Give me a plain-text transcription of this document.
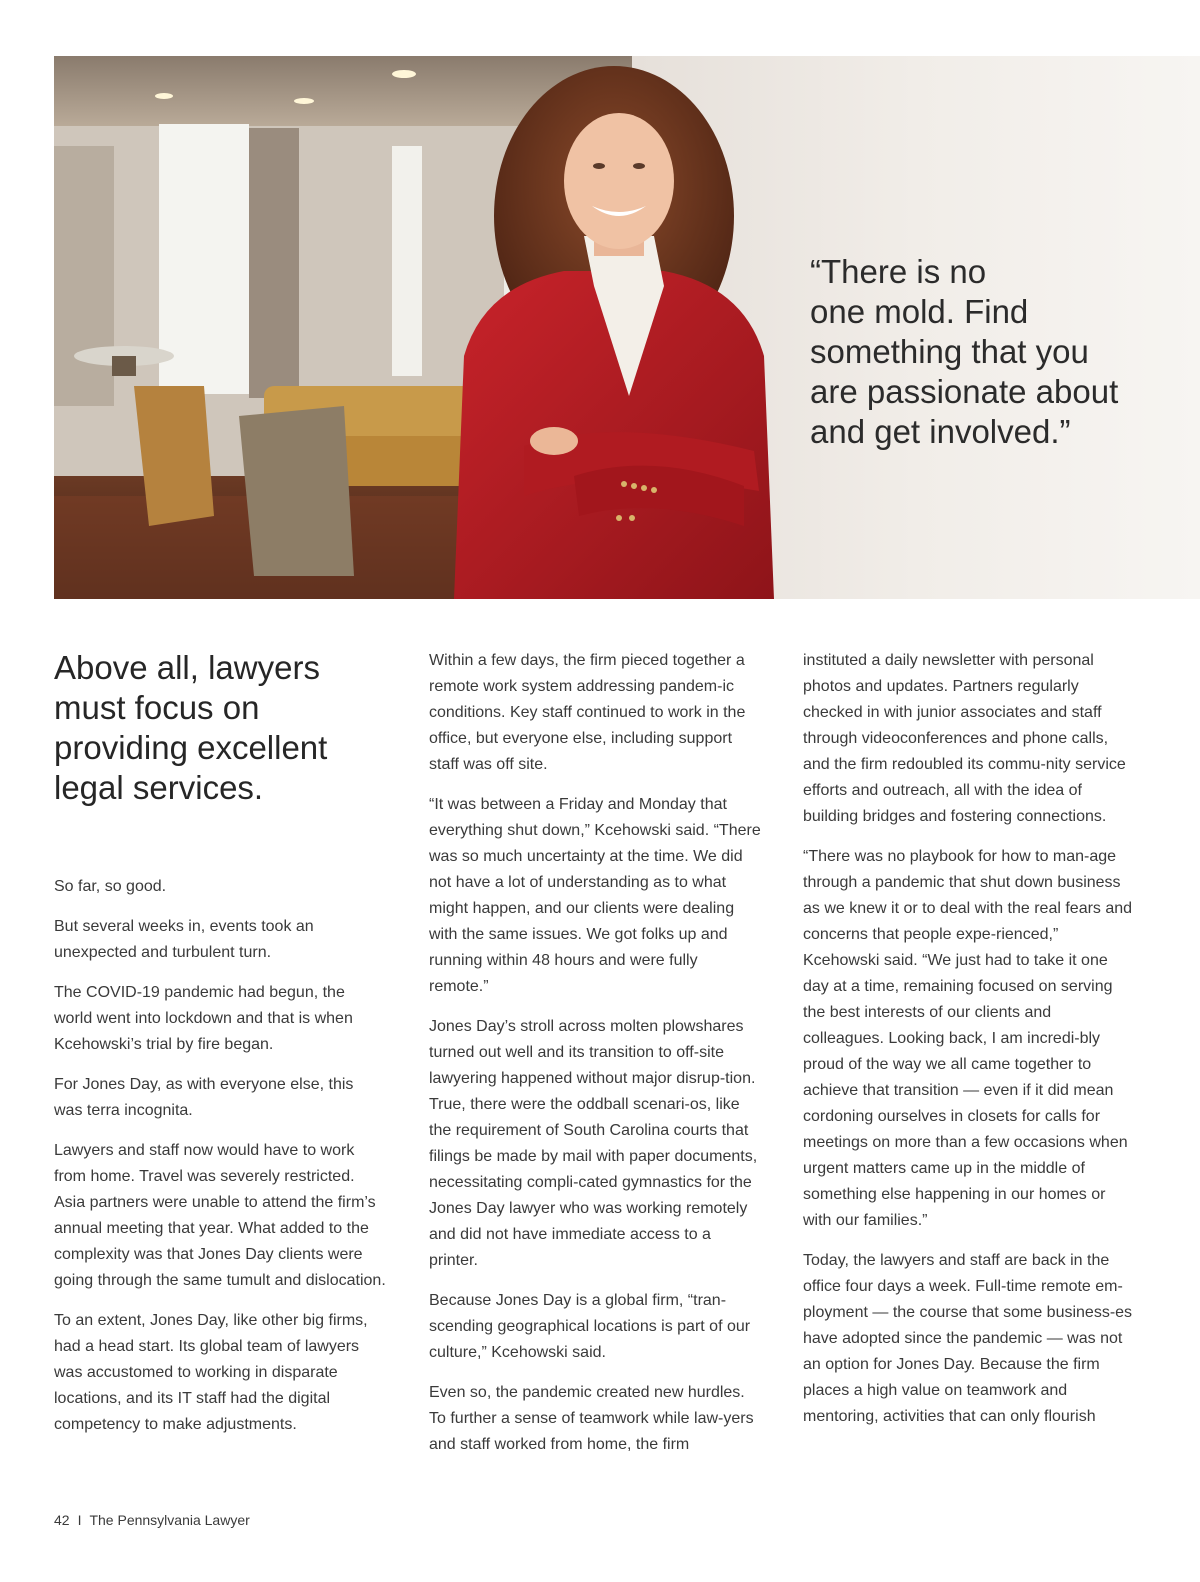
“There is no
one mold. Find
something that you
are passionate about
and get involved.”

Above all, lawyers
must focus on
providing excellent
legal services.

So far, so good.

But several weeks in, events took an unexpected and turbulent turn.

The COVID-19 pandemic had begun, the world went into lockdown and that is when Kcehowski’s trial by fire began.

For Jones Day, as with everyone else, this was terra incognita.

Lawyers and staff now would have to work from home. Travel was severely restricted. Asia partners were unable to attend the firm’s annual meeting that year. What added to the complexity was that Jones Day clients were going through the same tumult and dislocation.

To an extent, Jones Day, like other big firms, had a head start. Its global team of lawyers was accustomed to working in disparate locations, and its IT staff had the digital competency to make adjustments.

Within a few days, the firm pieced together a remote work system addressing pandem-ic conditions. Key staff continued to work in the office, but everyone else, including support staff was off site.

“It was between a Friday and Monday that everything shut down,” Kcehowski said. “There was so much uncertainty at the time. We did not have a lot of understanding as to what might happen, and our clients were dealing with the same issues. We got folks up and running within 48 hours and were fully remote.”

Jones Day’s stroll across molten plowshares turned out well and its transition to off-site lawyering happened without major disrup-tion. True, there were the oddball scenari-os, like the requirement of South Carolina courts that filings be made by mail with paper documents, necessitating compli-cated gymnastics for the Jones Day lawyer who was working remotely and did not have immediate access to a printer.

Because Jones Day is a global firm, “tran-scending geographical locations is part of our culture,” Kcehowski said.

Even so, the pandemic created new hurdles. To further a sense of teamwork while law-yers and staff worked from home, the firm

instituted a daily newsletter with personal photos and updates. Partners regularly checked in with junior associates and staff through videoconferences and phone calls, and the firm redoubled its commu-nity service efforts and outreach, all with the idea of building bridges and fostering connections.

“There was no playbook for how to man-age through a pandemic that shut down business as we knew it or to deal with the real fears and concerns that people expe-rienced,” Kcehowski said. “We just had to take it one day at a time, remaining focused on serving the best interests of our clients and colleagues. Looking back, I am incredi-bly proud of the way we all came together to achieve that transition — even if it did mean cordoning ourselves in closets for calls for meetings on more than a few occasions when urgent matters came up in the middle of something else happening in our homes or with our families.”

Today, the lawyers and staff are back in the office four days a week. Full-time remote em-ployment — the course that some business-es have adopted since the pandemic — was not an option for Jones Day. Because the firm places a high value on teamwork and mentoring, activities that can only flourish

42 I The Pennsylvania Lawyer
